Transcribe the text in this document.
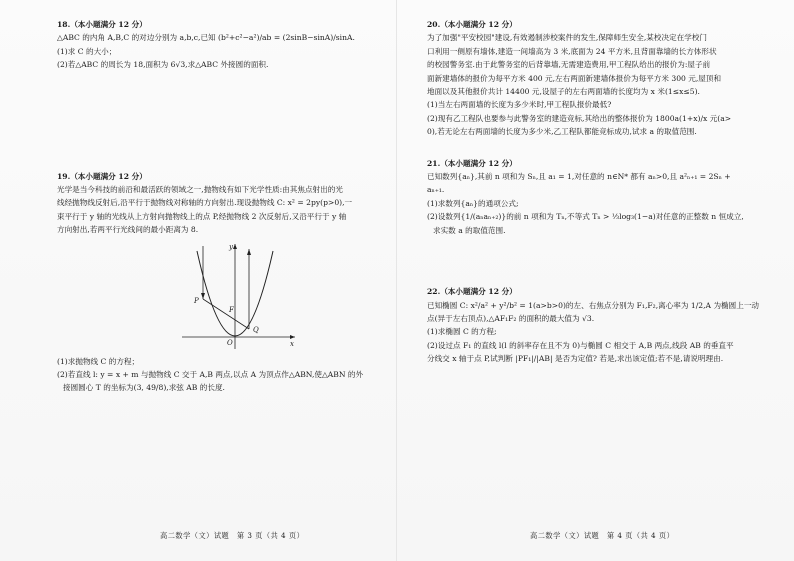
18.（本小题满分 12 分）
△ABC 的内角 A,B,C 的对边分别为 a,b,c,已知 (b²+c²−a²)/ab = (2sinB−sinA)/sinA.
(1)求 C 的大小；
(2)若△ABC 的周长为 18,面积为 6√3,求△ABC 外接圆的面积.
19.（本小题满分 12 分）
光学是当今科技的前沿和最活跃的领域之一,抛物线有如下光学性质:由其焦点射出的光
线经抛物线反射后,沿平行于抛物线对称轴的方向射出.现设抛物线 C: x² = 2py(p>0),一
束平行于 y 轴的光线从上方射向抛物线上的点 P,经抛物线 2 次反射后,又沿平行于 y 轴
方向射出,若两平行光线间的最小距离为 8.
y
x
P
F
Q
O
(1)求抛物线 C 的方程；
(2)若直线 l: y = x + m 与抛物线 C 交于 A,B 两点,以点 A 为顶点作△ABN,使△ABN 的外
接圆圆心 T 的坐标为(3, 49/8),求弦 AB 的长度.
高二数学（文）试题　第 3 页（共 4 页）
20.（本小题满分 12 分）
为了加强"平安校园"建设,有效遏制涉校案件的发生,保障师生安全,某校决定在学校门
口利用一侧原有墙体,建造一间墙高为 3 米,底面为 24 平方米,且背面靠墙的长方体形状
的校园警务室.由于此警务室的后背靠墙,无需建造费用,甲工程队给出的报价为:屋子前
面新建墙体的报价为每平方米 400 元,左右两面新建墙体报价为每平方米 300 元,屋顶和
地面以及其他报价共计 14400 元,设屋子的左右两面墙的长度均为 x 米(1≤x≤5).
(1)当左右两面墙的长度为多少米时,甲工程队报价最低?
(2)现有乙工程队也要参与此警务室的建造竞标,其给出的整体报价为 1800a(1+x)/x 元(a>
0),若无论左右两面墙的长度为多少米,乙工程队都能竞标成功,试求 a 的取值范围.
21.（本小题满分 12 分）
已知数列{aₙ},其前 n 项和为 Sₙ,且 a₁ = 1,对任意的 n∈N* 都有 aₙ>0,且 a²ₙ₊₁ = 2Sₙ +
aₙ₊₁.
(1)求数列{aₙ}的通项公式;
(2)设数列{1/(aₙaₙ₊₂)}的前 n 项和为 Tₙ,不等式 Tₙ > ⅓log₃(1−a)对任意的正整数 n 恒成立,
求实数 a 的取值范围.
22.（本小题满分 12 分）
已知椭圆 C: x²/a² + y²/b² = 1(a>b>0)的左、右焦点分别为 F₁,F₂,离心率为 1/2,A 为椭圆上一动
点(异于左右顶点),△AF₁F₂ 的面积的最大值为 √3.
(1)求椭圆 C 的方程;
(2)设过点 F₁ 的直线 l(l 的斜率存在且不为 0)与椭圆 C 相交于 A,B 两点,线段 AB 的垂直平
分线交 x 轴于点 P,试判断 |PF₁|/|AB| 是否为定值? 若是,求出该定值;若不是,请说明理由.
高二数学（文）试题　第 4 页（共 4 页）
